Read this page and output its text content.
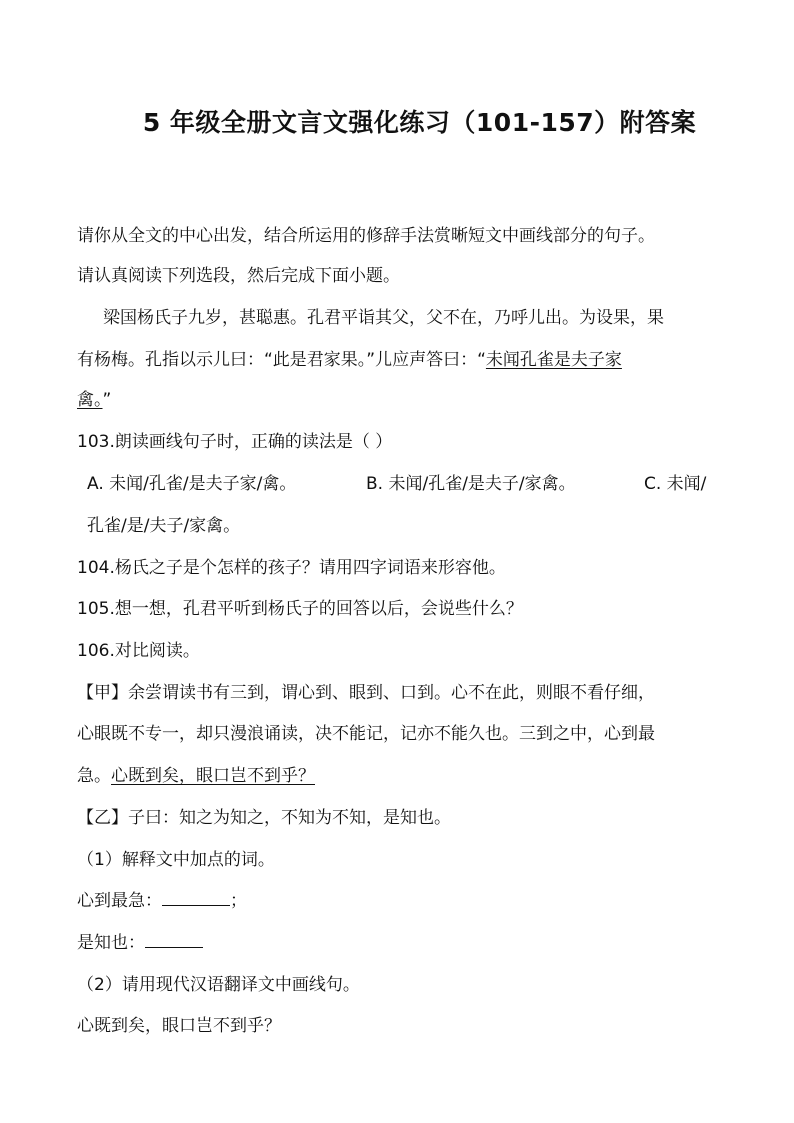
5 年级全册文言文强化练习（101-157）附答案
请你从全文的中心出发，结合所运用的修辞手法赏晰短文中画线部分的句子。
请认真阅读下列选段，然后完成下面小题。
梁国杨氏子九岁，甚聪惠。孔君平诣其父，父不在，乃呼儿出。为设果，果
有杨梅。孔指以示儿曰：“此是君家果。”儿应声答曰：“未闻孔雀是夫子家
禽。”
103.朗读画线句子时，正确的读法是（ ）
A. 未闻/孔雀/是夫子家/禽。	B. 未闻/孔雀/是夫子/家禽。	C. 未闻/
孔雀/是/夫子/家禽。
104.杨氏之子是个怎样的孩子？请用四字词语来形容他。
105.想一想，孔君平听到杨氏子的回答以后，会说些什么？
106.对比阅读。
【甲】余尝谓读书有三到，谓心到、眼到、口到。心不在此，则眼不看仔细，
心眼既不专一，却只漫浪诵读，决不能记，记亦不能久也。三到之中，心到最
急。心既到矣，眼口岂不到乎？
【乙】子曰：知之为知之，不知为不知，是知也。
（1）解释文中加点的词。
心到最急：	；
是知也：
（2）请用现代汉语翻译文中画线句。
心既到矣，眼口岂不到乎？
